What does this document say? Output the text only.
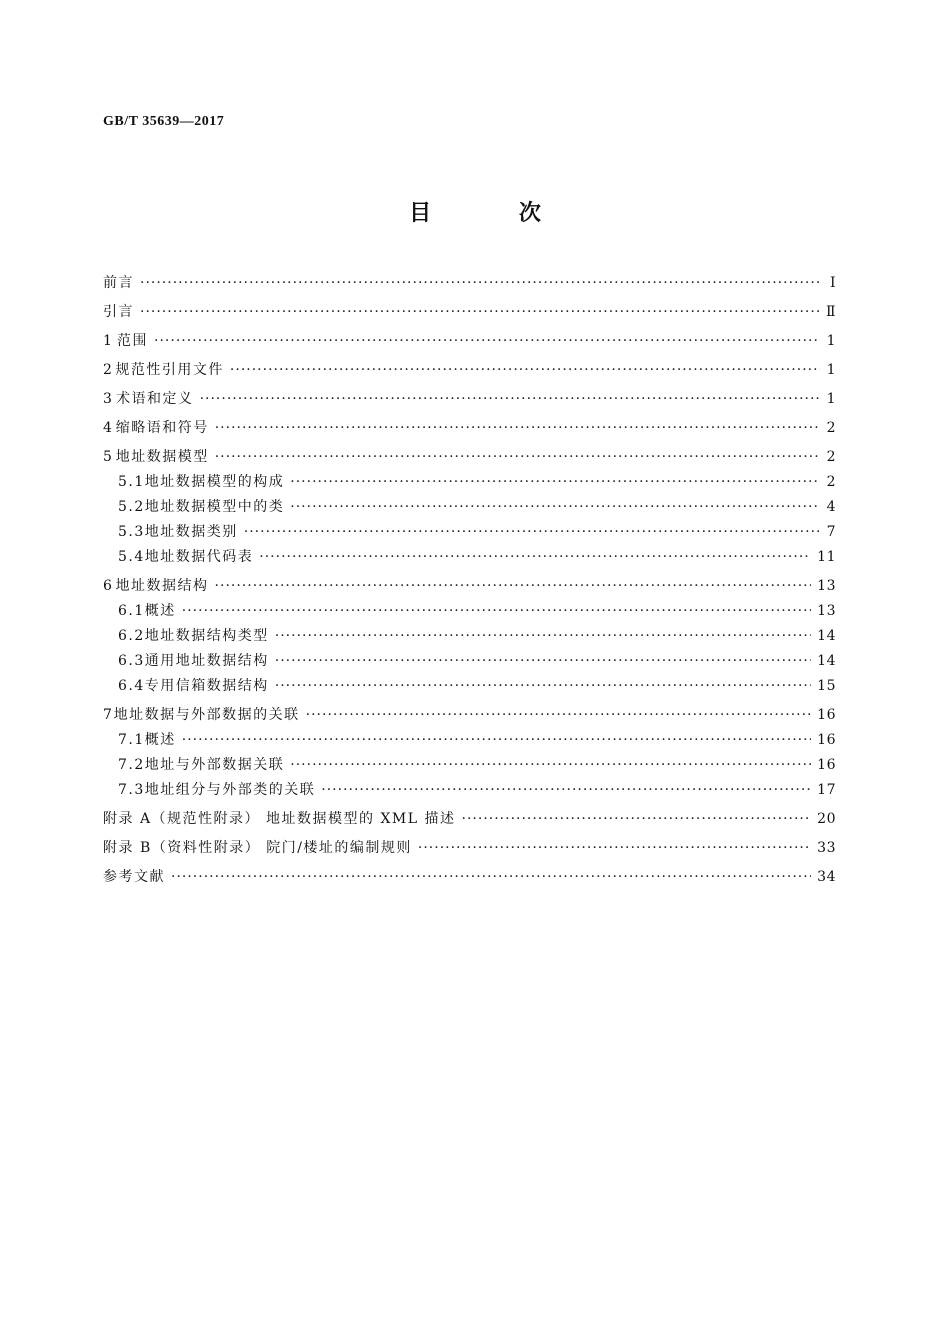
GB/T 35639—2017
目 次
前言 ·····	Ⅰ
引言 ·····	Ⅱ
1 范围 ·····	1
2 规范性引用文件 ·····	1
3 术语和定义 ·····	1
4 缩略语和符号 ·····	2
5 地址数据模型 ·····	2
5.1 地址数据模型的构成 ·····	2
5.2 地址数据模型中的类 ·····	4
5.3 地址数据类别 ·····	7
5.4 地址数据代码表 ·····	11
6 地址数据结构 ·····	13
6.1 概述 ·····	13
6.2 地址数据结构类型 ·····	14
6.3 通用地址数据结构 ·····	14
6.4 专用信箱数据结构 ·····	15
7 地址数据与外部数据的关联 ·····	16
7.1 概述 ·····	16
7.2 地址与外部数据关联 ·····	16
7.3 地址组分与外部类的关联 ·····	17
附录 A（规范性附录） 地址数据模型的 XML 描述 ·····	20
附录 B（资料性附录） 院门/楼址的编制规则 ·····	33
参考文献 ·····	34
